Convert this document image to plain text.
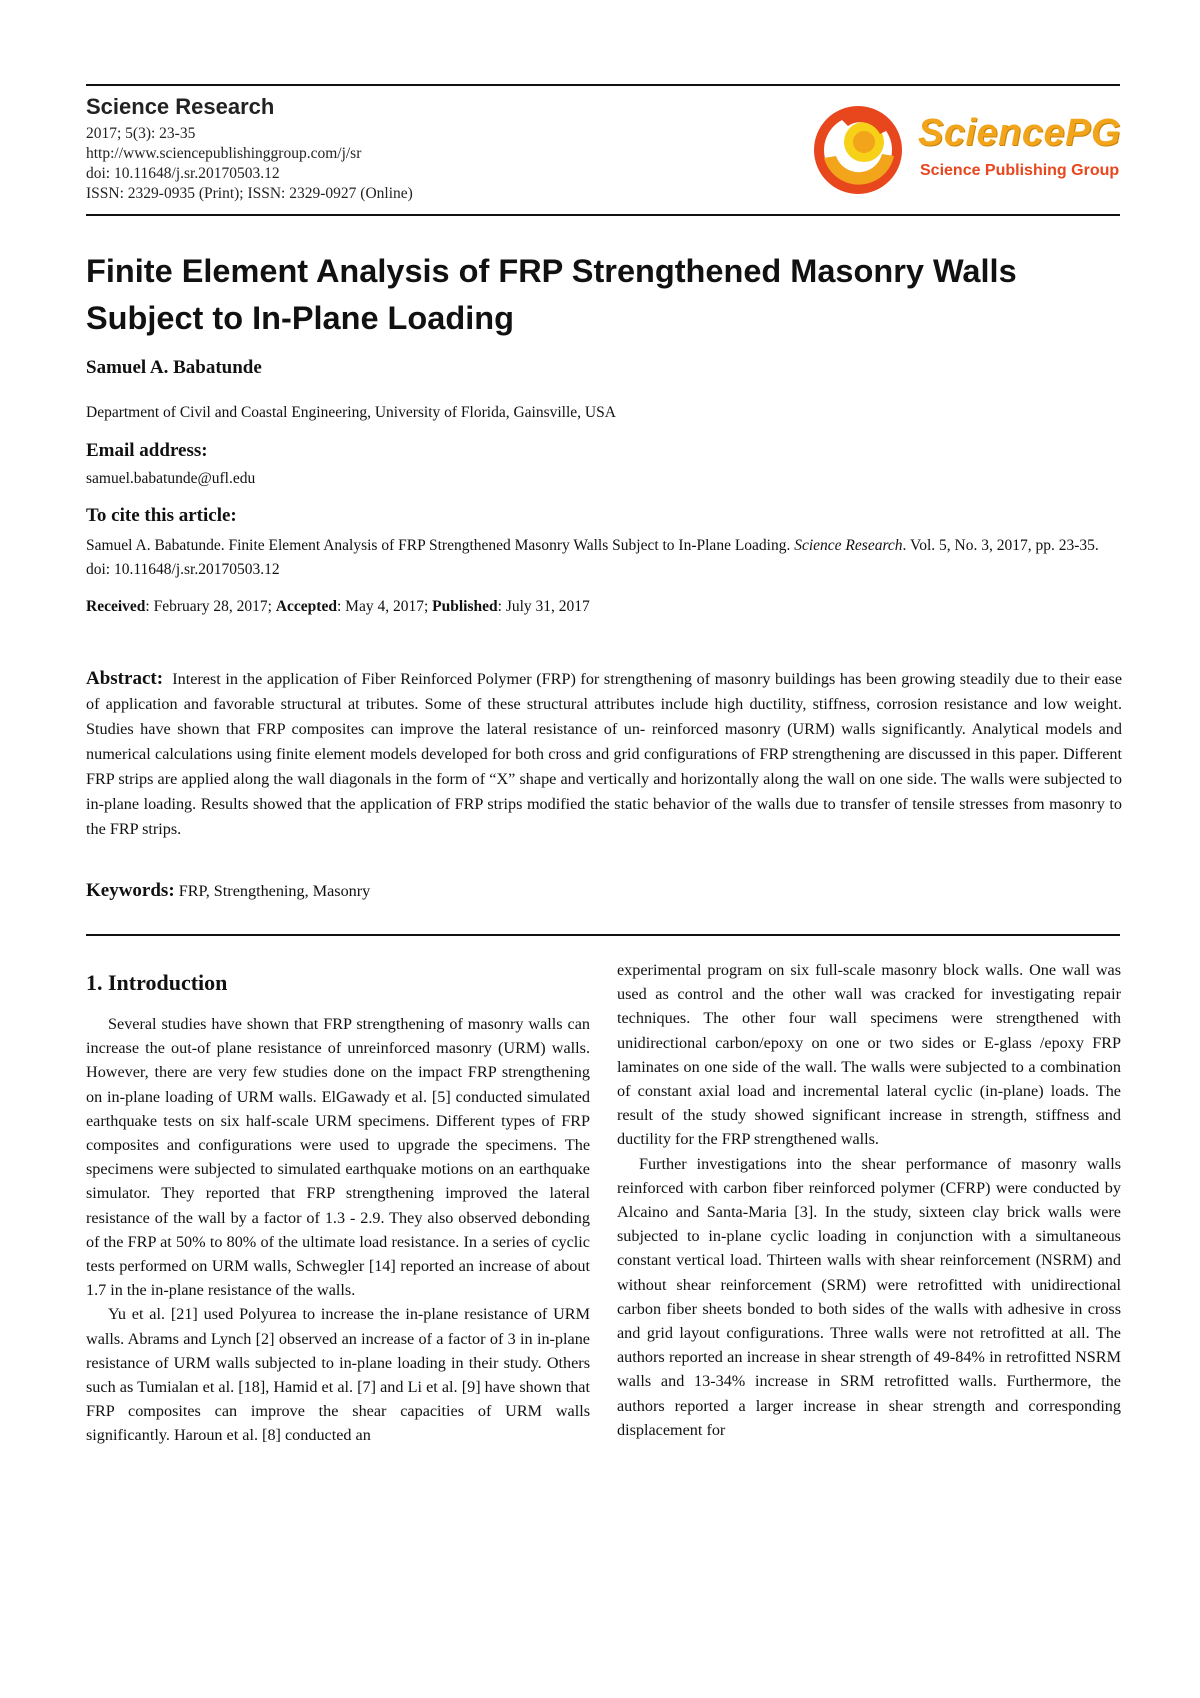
Science Research
2017; 5(3): 23-35
http://www.sciencepublishinggroup.com/j/sr
doi: 10.11648/j.sr.20170503.12
ISSN: 2329-0935 (Print); ISSN: 2329-0927 (Online)
SciencePG
Science Publishing Group
Finite Element Analysis of FRP Strengthened Masonry Walls Subject to In-Plane Loading
Samuel A. Babatunde
Department of Civil and Coastal Engineering, University of Florida, Gainsville, USA
Email address:
samuel.babatunde@ufl.edu
To cite this article:
Samuel A. Babatunde. Finite Element Analysis of FRP Strengthened Masonry Walls Subject to In-Plane Loading. Science Research. Vol. 5, No. 3, 2017, pp. 23-35. doi: 10.11648/j.sr.20170503.12
Received: February 28, 2017; Accepted: May 4, 2017; Published: July 31, 2017

Abstract: Interest in the application of Fiber Reinforced Polymer (FRP) for strengthening of masonry buildings has been growing steadily due to their ease of application and favorable structural at tributes. Some of these structural attributes include high ductility, stiffness, corrosion resistance and low weight. Studies have shown that FRP composites can improve the lateral resistance of un- reinforced masonry (URM) walls significantly. Analytical models and numerical calculations using finite element models developed for both cross and grid configurations of FRP strengthening are discussed in this paper. Different FRP strips are applied along the wall diagonals in the form of “X” shape and vertically and horizontally along the wall on one side. The walls were subjected to in-plane loading. Results showed that the application of FRP strips modified the static behavior of the walls due to transfer of tensile stresses from masonry to the FRP strips.

Keywords: FRP, Strengthening, Masonry
1. Introduction

Several studies have shown that FRP strengthening of masonry walls can increase the out-of plane resistance of unreinforced masonry (URM) walls. However, there are very few studies done on the impact FRP strengthening on in-plane loading of URM walls. ElGawady et al. [5] conducted simulated earthquake tests on six half-scale URM specimens. Different types of FRP composites and configurations were used to upgrade the specimens. The specimens were subjected to simulated earthquake motions on an earthquake simulator. They reported that FRP strengthening improved the lateral resistance of the wall by a factor of 1.3 - 2.9. They also observed debonding of the FRP at 50% to 80% of the ultimate load resistance. In a series of cyclic tests performed on URM walls, Schwegler [14] reported an increase of about 1.7 in the in-plane resistance of the walls.

Yu et al. [21] used Polyurea to increase the in-plane resistance of URM walls. Abrams and Lynch [2] observed an increase of a factor of 3 in in-plane resistance of URM walls subjected to in-plane loading in their study. Others such as Tumialan et al. [18], Hamid et al. [7] and Li et al. [9] have shown that FRP composites can improve the shear capacities of URM walls significantly. Haroun et al. [8] conducted an

experimental program on six full-scale masonry block walls. One wall was used as control and the other wall was cracked for investigating repair techniques. The other four wall specimens were strengthened with unidirectional carbon/epoxy on one or two sides or E-glass /epoxy FRP laminates on one side of the wall. The walls were subjected to a combination of constant axial load and incremental lateral cyclic (in-plane) loads. The result of the study showed significant increase in strength, stiffness and ductility for the FRP strengthened walls.

Further investigations into the shear performance of masonry walls reinforced with carbon fiber reinforced polymer (CFRP) were conducted by Alcaino and Santa-Maria [3]. In the study, sixteen clay brick walls were subjected to in-plane cyclic loading in conjunction with a simultaneous constant vertical load. Thirteen walls with shear reinforcement (NSRM) and without shear reinforcement (SRM) were retrofitted with unidirectional carbon fiber sheets bonded to both sides of the walls with adhesive in cross and grid layout configurations. Three walls were not retrofitted at all. The authors reported an increase in shear strength of 49-84% in retrofitted NSRM walls and 13-34% increase in SRM retrofitted walls. Furthermore, the authors reported a larger increase in shear strength and corresponding displacement for
